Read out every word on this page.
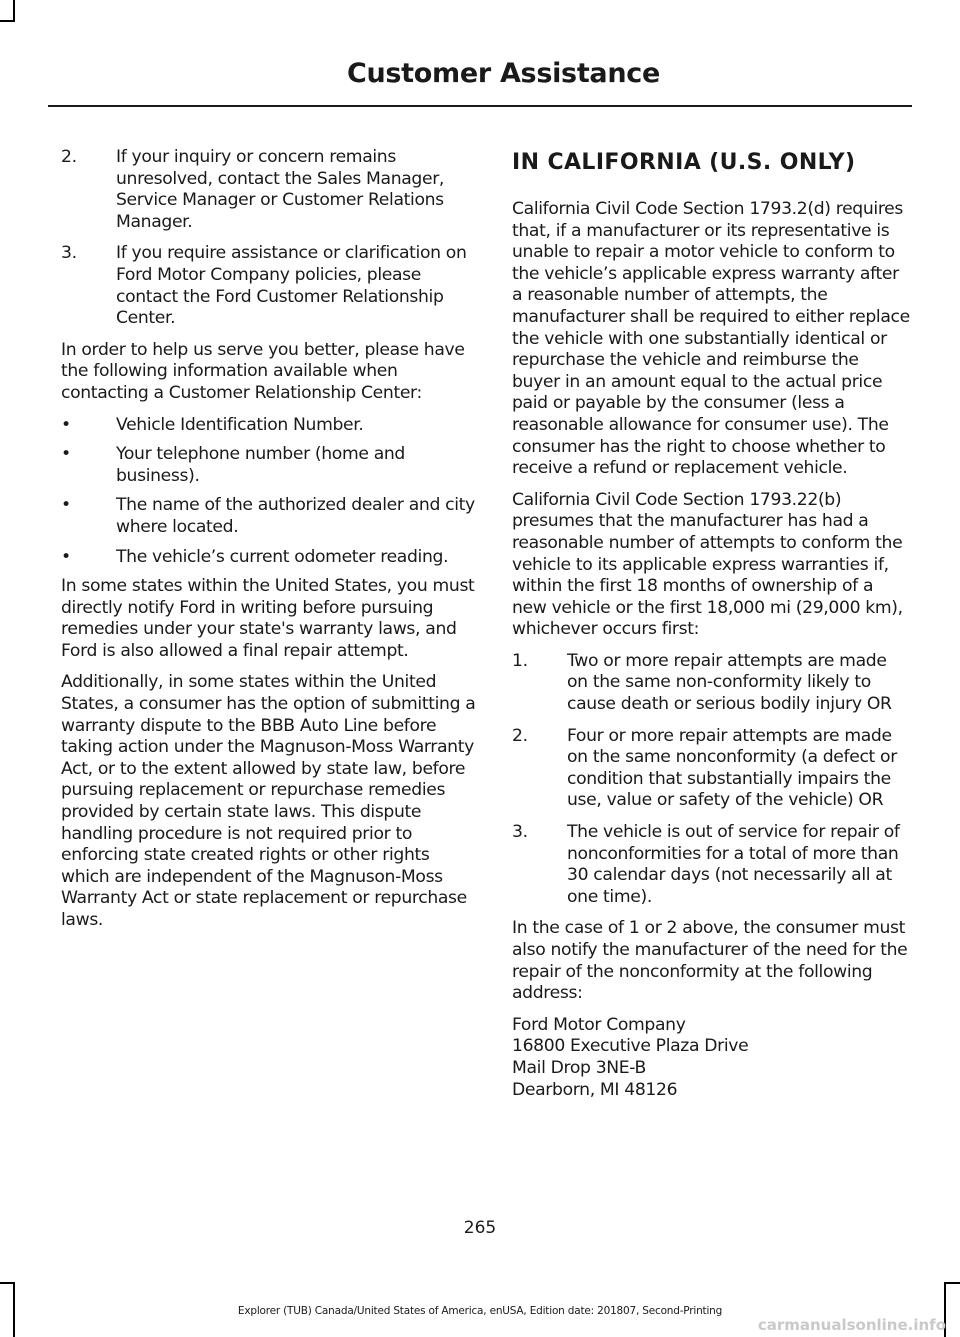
Customer Assistance
2. If your inquiry or concern remains unresolved, contact the Sales Manager, Service Manager or Customer Relations Manager.
3. If you require assistance or clarification on Ford Motor Company policies, please contact the Ford Customer Relationship Center.

In order to help us serve you better, please have the following information available when contacting a Customer Relationship Center:

•	Vehicle Identification Number.
•	Your telephone number (home and business).
•	The name of the authorized dealer and city where located.
•	The vehicle’s current odometer reading.

In some states within the United States, you must directly notify Ford in writing before pursuing remedies under your state's warranty laws, and Ford is also allowed a final repair attempt.

Additionally, in some states within the United States, a consumer has the option of submitting a warranty dispute to the BBB Auto Line before taking action under the Magnuson-Moss Warranty Act, or to the extent allowed by state law, before pursuing replacement or repurchase remedies provided by certain state laws. This dispute handling procedure is not required prior to enforcing state created rights or other rights which are independent of the Magnuson-Moss Warranty Act or state replacement or repurchase laws.

IN CALIFORNIA (U.S. ONLY)

California Civil Code Section 1793.2(d) requires that, if a manufacturer or its representative is unable to repair a motor vehicle to conform to the vehicle’s applicable express warranty after a reasonable number of attempts, the manufacturer shall be required to either replace the vehicle with one substantially identical or repurchase the vehicle and reimburse the buyer in an amount equal to the actual price paid or payable by the consumer (less a reasonable allowance for consumer use). The consumer has the right to choose whether to receive a refund or replacement vehicle.

California Civil Code Section 1793.22(b) presumes that the manufacturer has had a reasonable number of attempts to conform the vehicle to its applicable express warranties if, within the first 18 months of ownership of a new vehicle or the first 18,000 mi (29,000 km), whichever occurs first:

1. Two or more repair attempts are made on the same non-conformity likely to cause death or serious bodily injury OR
2. Four or more repair attempts are made on the same nonconformity (a defect or condition that substantially impairs the use, value or safety of the vehicle) OR
3. The vehicle is out of service for repair of nonconformities for a total of more than 30 calendar days (not necessarily all at one time).

In the case of 1 or 2 above, the consumer must also notify the manufacturer of the need for the repair of the nonconformity at the following address:

Ford Motor Company

16800 Executive Plaza Drive

Mail Drop 3NE-B

Dearborn, MI 48126

265
Explorer (TUB) Canada/United States of America, enUSA, Edition date: 201807, Second-Printing
carmanualsonline.info
